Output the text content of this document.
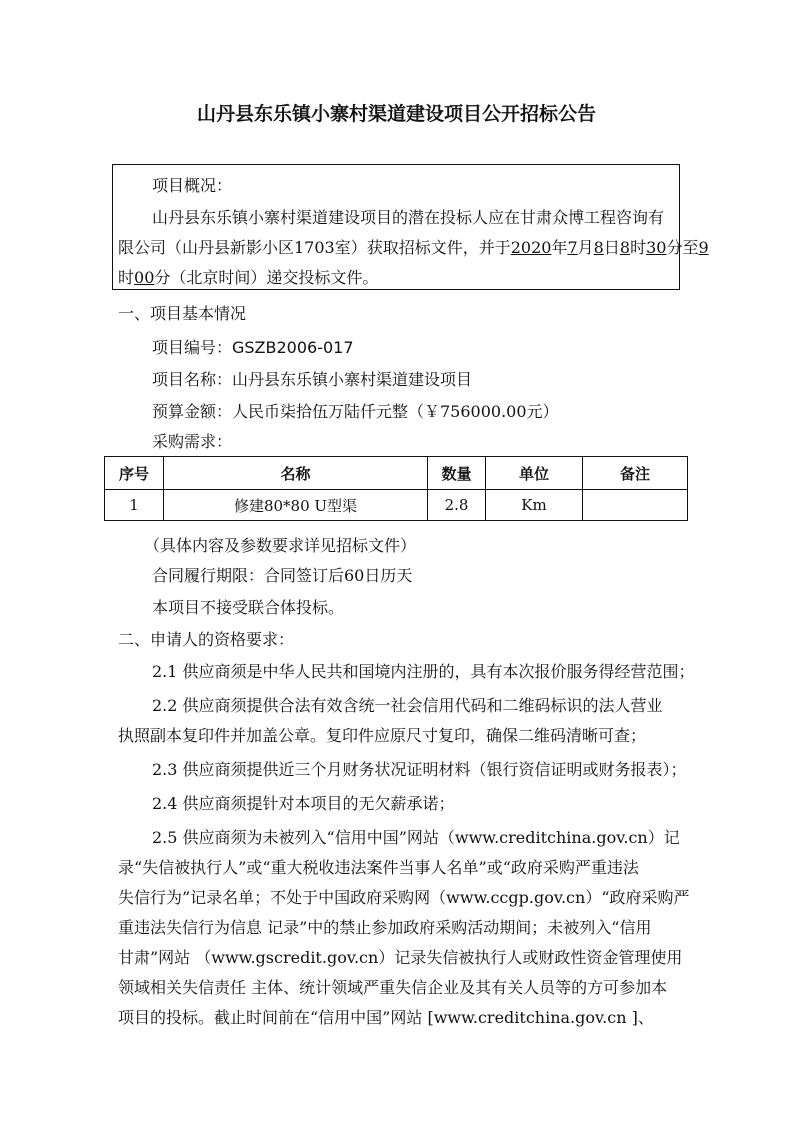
山丹县东乐镇小寨村渠道建设项目公开招标公告
项目概况：
山丹县东乐镇小寨村渠道建设项目的潜在投标人应在甘肃众博工程咨询有
限公司（山丹县新影小区1703室）获取招标文件，并于2020年7月8日8时30分至9
时00分（北京时间）递交投标文件。
一、项目基本情况
项目编号：GSZB2006-017
项目名称：山丹县东乐镇小寨村渠道建设项目
预算金额：人民币柒拾伍万陆仟元整（￥756000.00元）
采购需求：
序号	名称	数量	单位	备注
1	修建80*80 U型渠	2.8	Km	
（具体内容及参数要求详见招标文件）
合同履行期限：合同签订后60日历天
本项目不接受联合体投标。
二、申请人的资格要求：
2.1 供应商须是中华人民共和国境内注册的，具有本次报价服务得经营范围；
2.2 供应商须提供合法有效含统一社会信用代码和二维码标识的法人营业
执照副本复印件并加盖公章。复印件应原尺寸复印，确保二维码清晰可查；
2.3 供应商须提供近三个月财务状况证明材料（银行资信证明或财务报表）；
2.4 供应商须提针对本项目的无欠薪承诺；
2.5 供应商须为未被列入“信用中国”网站（www.creditchina.gov.cn）记
录“失信被执行人”或“重大税收违法案件当事人名单”或“政府采购严重违法
失信行为”记录名单；不处于中国政府采购网（www.ccgp.gov.cn）“政府采购严
重违法失信行为信息 记录”中的禁止参加政府采购活动期间；未被列入“信用
甘肃”网站 （www.gscredit.gov.cn）记录失信被执行人或财政性资金管理使用
领域相关失信责任 主体、统计领域严重失信企业及其有关人员等的方可参加本
项目的投标。截止时间前在“信用中国”网站 [www.creditchina.gov.cn ]、
